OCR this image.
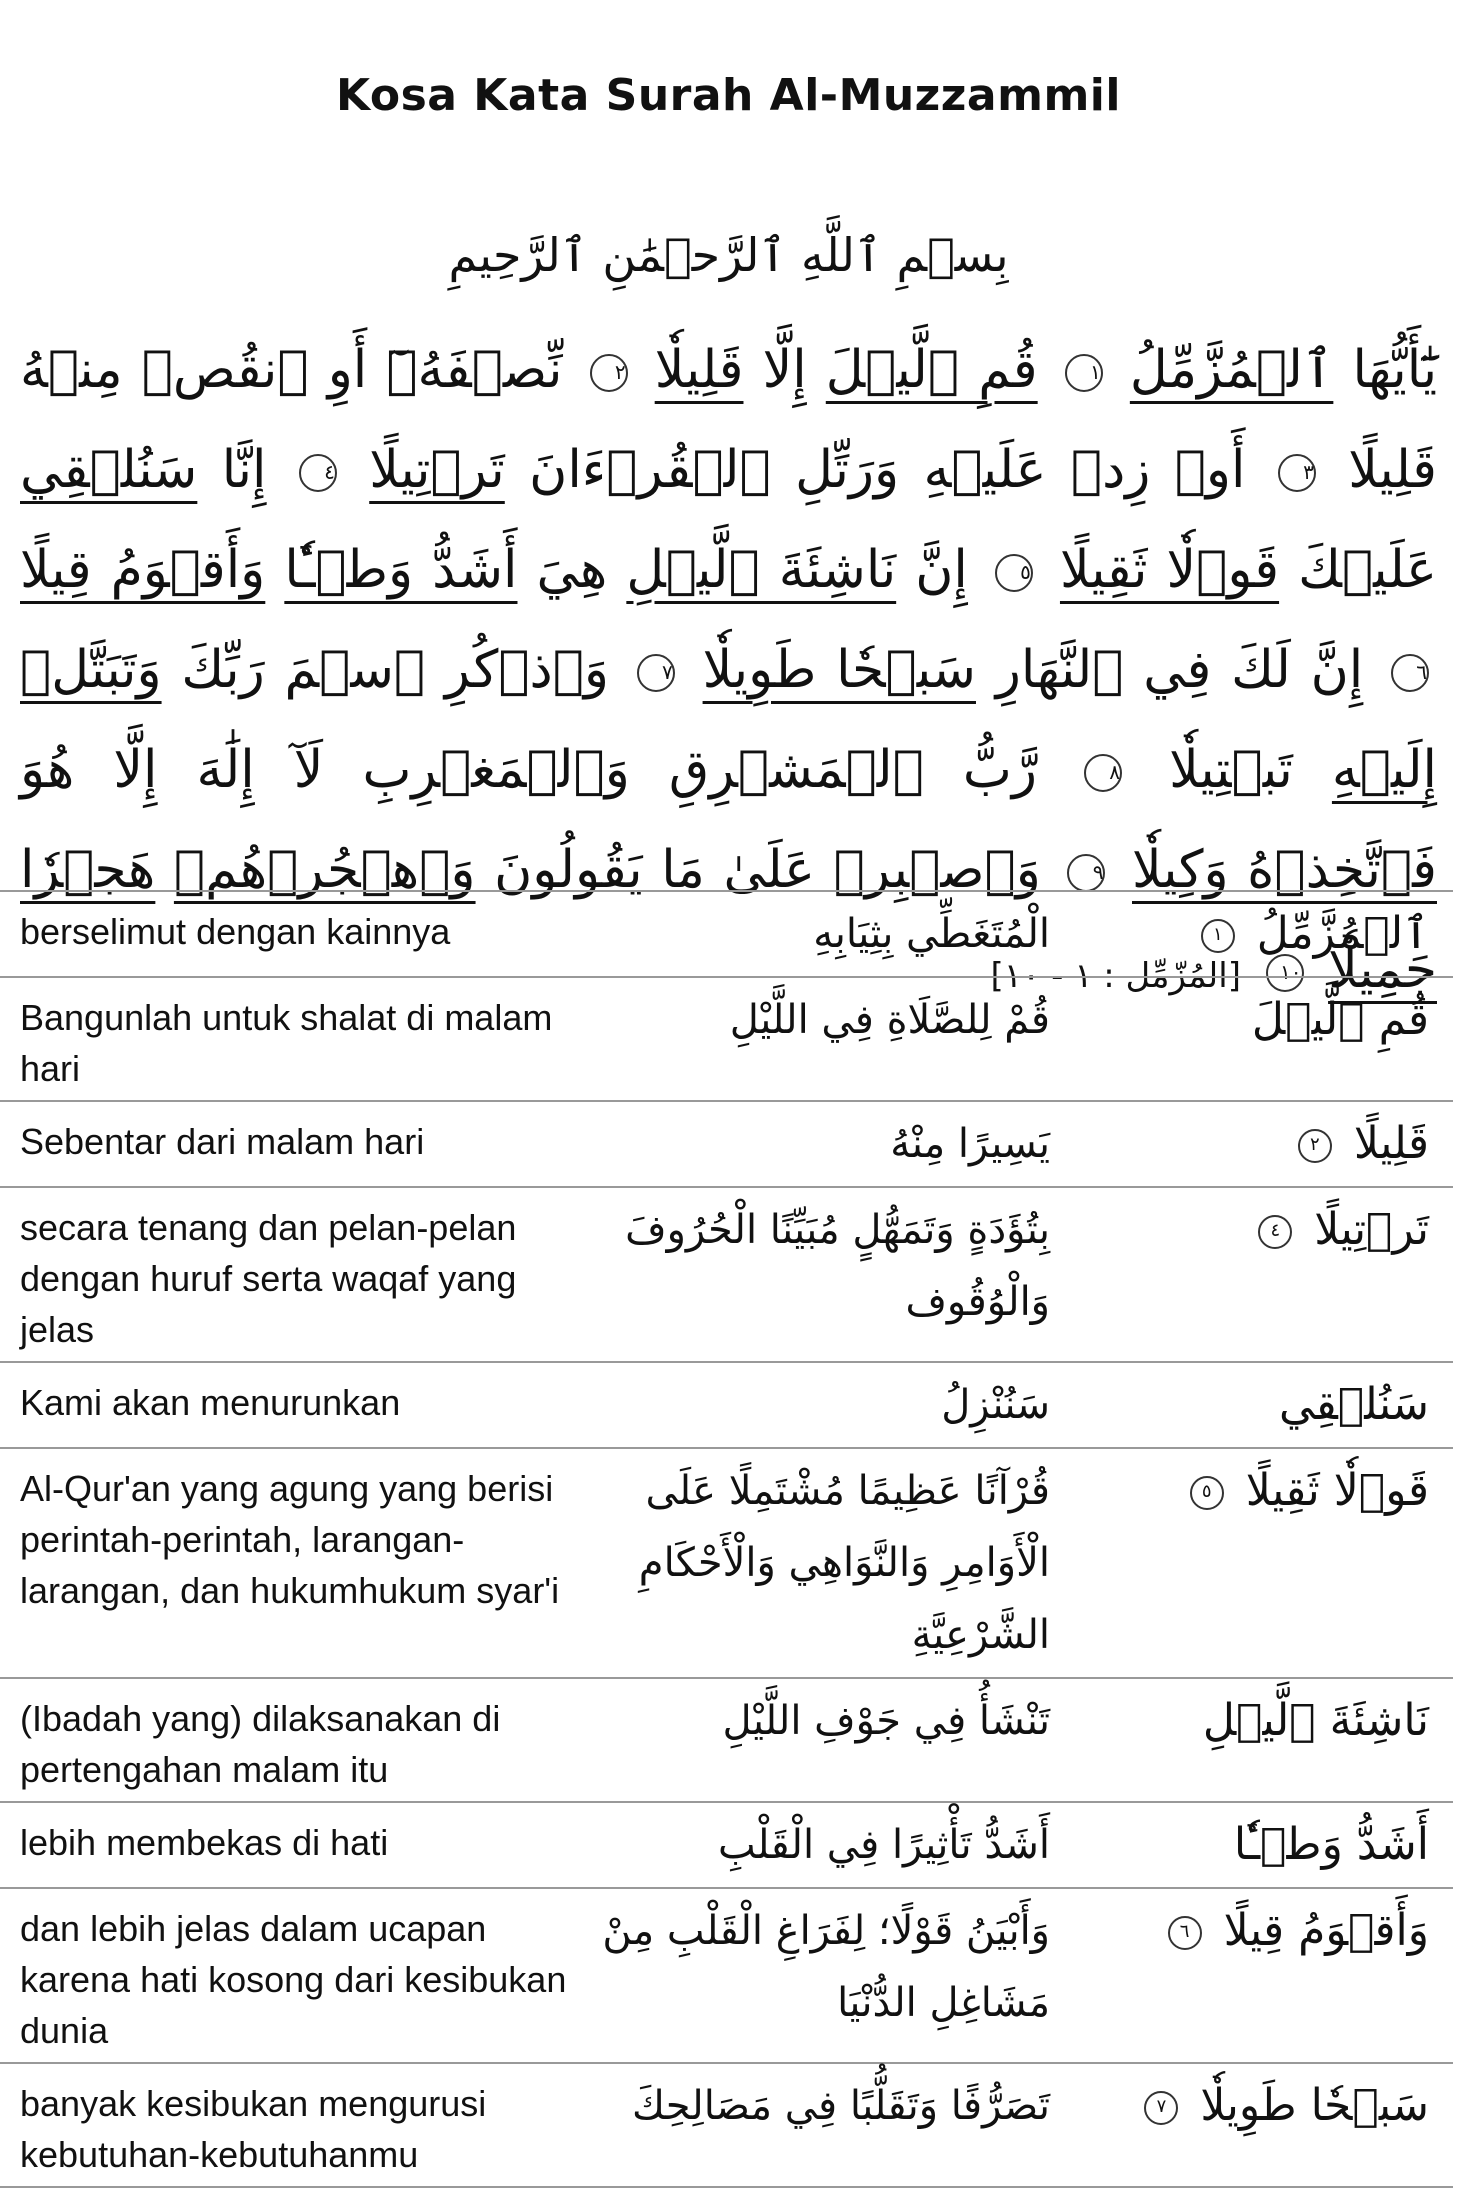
Kosa Kata Surah Al-Muzzammil
بِسۡمِ ٱللَّهِ ٱلرَّحۡمَٰنِ ٱلرَّحِيمِ
يَٰٓأَيُّهَا ٱلۡمُزَّمِّلُ ١ قُمِ ٱلَّيۡلَ إِلَّا قَلِيلٗا ٢ نِّصۡفَهُۥٓ أَوِ ٱنقُصۡ مِنۡهُ قَلِيلًا ٣ أَوۡ زِدۡ عَلَيۡهِ وَرَتِّلِ ٱلۡقُرۡءَانَ تَرۡتِيلًا ٤ إِنَّا سَنُلۡقِي عَلَيۡكَ قَوۡلٗا ثَقِيلًا ٥ إِنَّ نَاشِئَةَ ٱلَّيۡلِ هِيَ أَشَدُّ وَطۡـٔٗا وَأَقۡوَمُ قِيلًا ٦ إِنَّ لَكَ فِي ٱلنَّهَارِ سَبۡحٗا طَوِيلٗا ٧ وَٱذۡكُرِ ٱسۡمَ رَبِّكَ وَتَبَتَّلۡ إِلَيۡهِ تَبۡتِيلٗا ٨ رَّبُّ ٱلۡمَشۡرِقِ وَٱلۡمَغۡرِبِ لَآ إِلَٰهَ إِلَّا هُوَ فَٱتَّخِذۡهُ وَكِيلٗا ٩ وَٱصۡبِرۡ عَلَىٰ مَا يَقُولُونَ وَٱهۡجُرۡهُمۡ هَجۡرٗا جَمِيلٗا ١٠ [المُزّمِّل : ١ - ١٠]
berselimut dengan kainnya	الْمُتَغَطِّي بِثِيَابِهِ	ٱلۡمُزَّمِّلُ ١

Bangunlah untuk shalat di malam hari	قُمْ لِلصَّلَاةِ فِي اللَّيْلِ	قُمِ ٱلَّيۡلَ

Sebentar dari malam hari	يَسِيرًا مِنْهُ	قَلِيلًا ٢

secara tenang dan pelan-pelan dengan huruf serta waqaf yang jelas	بِتُؤَدَةٍ وَتَمَهُّلٍ مُبَيِّنًا الْحُرُوفَ وَالْوُقُوف	تَرۡتِيلًا ٤

Kami akan menurunkan	سَنُنْزِلُ	سَنُلۡقِي

Al-Qur'an yang agung yang berisi perintah-perintah, larangan-larangan, dan hukumhukum syar'i	قُرْآنًا عَظِيمًا مُشْتَمِلًا عَلَى الْأَوَامِرِ وَالنَّوَاهِي وَالْأَحْكَامِ الشَّرْعِيَّةِ	قَوۡلٗا ثَقِيلًا ٥

(Ibadah yang) dilaksanakan di pertengahan malam itu	تَنْشَأُ فِي جَوْفِ اللَّيْلِ	نَاشِئَةَ ٱلَّيۡلِ

lebih membekas di hati	أَشَدُّ تَأْثِيرًا فِي الْقَلْبِ	أَشَدُّ وَطۡـٔٗا

dan lebih jelas dalam ucapan karena hati kosong dari kesibukan dunia	وَأَبْيَنُ قَوْلًا؛ لِفَرَاغِ الْقَلْبِ مِنْ مَشَاغِلِ الدُّنْيَا	وَأَقۡوَمُ قِيلًا ٦

banyak kesibukan mengurusi kebutuhan-kebutuhanmu	تَصَرُّفًا وَتَقَلُّبًا فِي مَصَالِحِكَ	سَبۡحٗا طَوِيلٗا ٧
